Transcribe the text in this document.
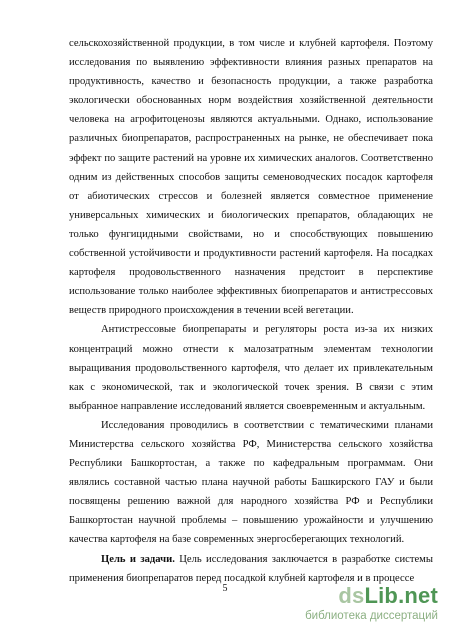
сельскохозяйственной продукции, в том числе и клубней картофеля. Поэтому исследования по выявлению эффективности влияния разных препаратов на продуктивность, качество и безопасность продукции, а также разработка экологически обоснованных норм воздействия хозяйственной деятельности человека на агрофитоценозы являются актуальными. Однако, использование различных биопрепаратов, распространенных на рынке, не обеспечивает пока эффект по защите растений на уровне их химических аналогов. Соответственно одним из действенных способов защиты семеноводческих посадок картофеля от абиотических стрессов и болезней является совместное применение универсальных химических и биологических препаратов, обладающих не только фунгицидными свойствами, но и способствующих повышению собственной устойчивости и продуктивности растений картофеля. На посадках картофеля продовольственного назначения предстоит в перспективе использование только наиболее эффективных биопрепаратов и антистрессовых веществ природного происхождения в течении всей вегетации.

Антистрессовые биопрепараты и регуляторы роста из-за их низких концентраций можно отнести к малозатратным элементам технологии выращивания продовольственного картофеля, что делает их привлекательным как с экономической, так и экологической точек зрения. В связи с этим выбранное направление исследований является своевременным и актуальным.

Исследования проводились в соответствии с тематическими планами Министерства сельского хозяйства РФ, Министерства сельского хозяйства Республики Башкортостан, а также по кафедральным программам. Они являлись составной частью плана научной работы Башкирского ГАУ и были посвящены решению важной для народного хозяйства РФ и Республики Башкортостан научной проблемы – повышению урожайности и улучшению качества картофеля на базе современных энергосберегающих технологий.

Цель и задачи. Цель исследования заключается в разработке системы применения биопрепаратов перед посадкой клубней картофеля и в процессе

5	dsLib.net
библиотека диссертаций
